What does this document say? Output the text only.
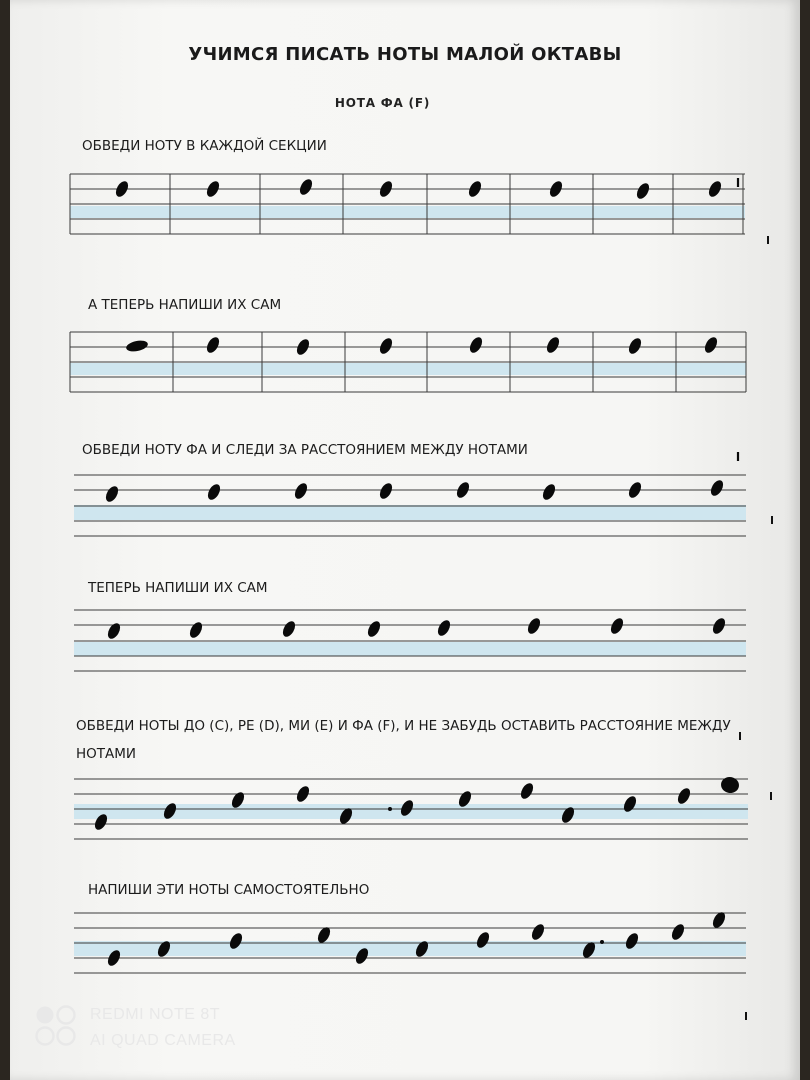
УЧИМСЯ ПИСАТЬ НОТЫ МАЛОЙ ОКТАВЫ
НОТА ФА (F)
ОБВЕДИ НОТУ В КАЖДОЙ СЕКЦИИ
А ТЕПЕРЬ НАПИШИ ИХ САМ
ОБВЕДИ НОТУ ФА И СЛЕДИ ЗА РАССТОЯНИЕМ МЕЖДУ НОТАМИ
ТЕПЕРЬ НАПИШИ ИХ САМ
ОБВЕДИ НОТЫ ДО (С), РЕ (D), МИ (Е) И ФА (F), И НЕ ЗАБУДЬ ОСТАВИТЬ РАССТОЯНИЕ МЕЖДУ НОТАМИ
НАПИШИ ЭТИ НОТЫ САМОСТОЯТЕЛЬНО
REDMI NOTE 8T
AI QUAD CAMERA
